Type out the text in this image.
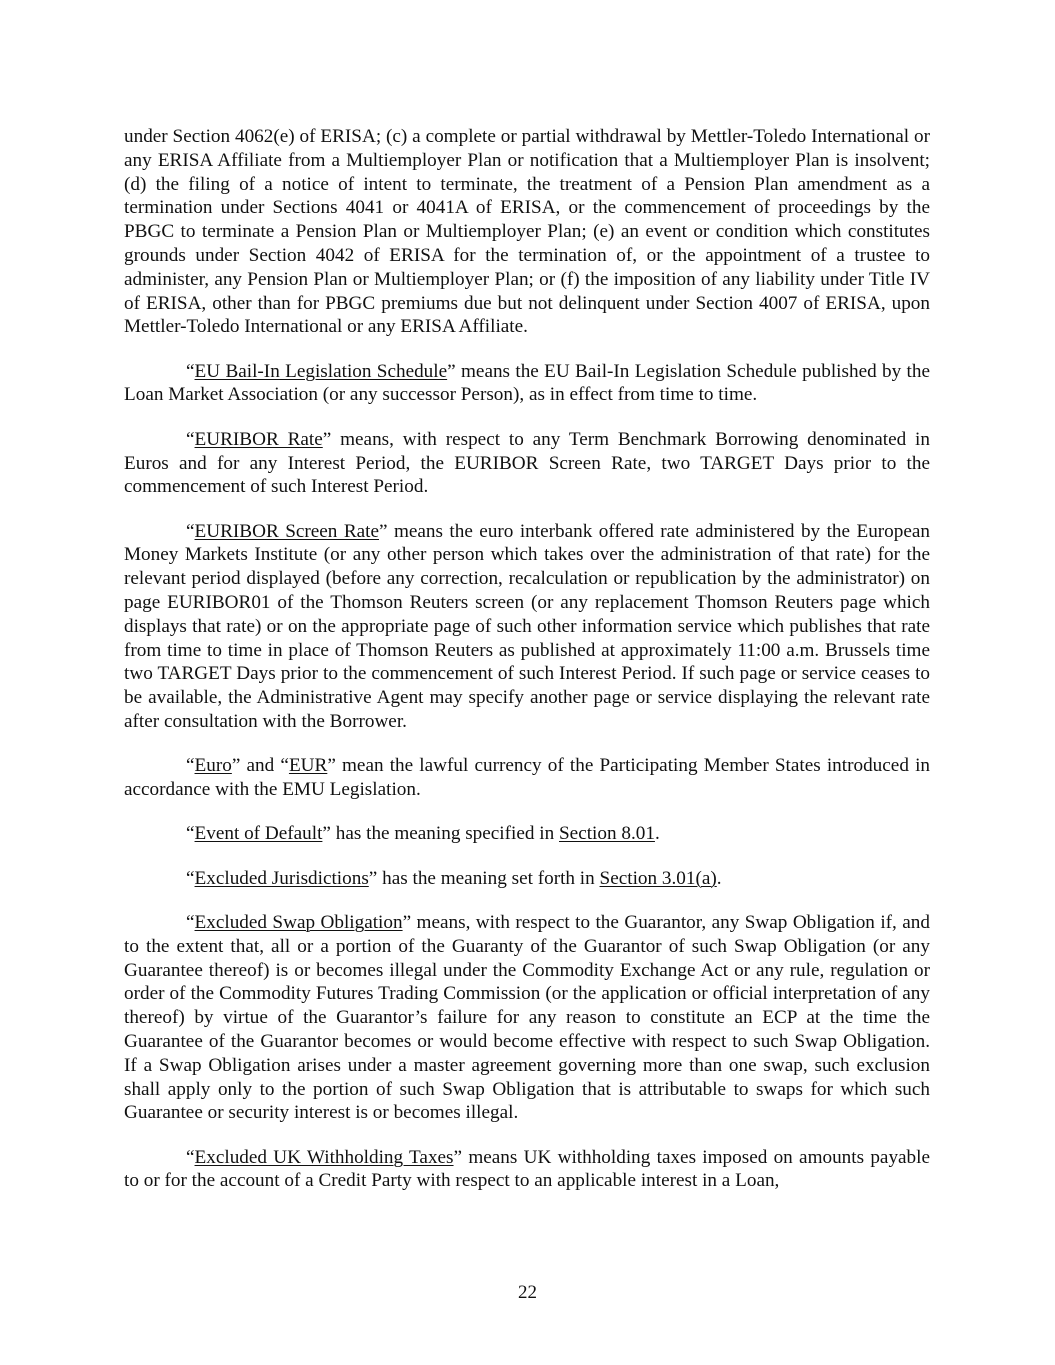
under Section 4062(e) of ERISA; (c) a complete or partial withdrawal by Mettler-Toledo International or any ERISA Affiliate from a Multiemployer Plan or notification that a Multiemployer Plan is insolvent; (d) the filing of a notice of intent to terminate, the treatment of a Pension Plan amendment as a termination under Sections 4041 or 4041A of ERISA, or the commencement of proceedings by the PBGC to terminate a Pension Plan or Multiemployer Plan; (e) an event or condition which constitutes grounds under Section 4042 of ERISA for the termination of, or the appointment of a trustee to administer, any Pension Plan or Multiemployer Plan; or (f) the imposition of any liability under Title IV of ERISA, other than for PBGC premiums due but not delinquent under Section 4007 of ERISA, upon Mettler-Toledo International or any ERISA Affiliate.

“EU Bail-In Legislation Schedule” means the EU Bail-In Legislation Schedule published by the Loan Market Association (or any successor Person), as in effect from time to time.

“EURIBOR Rate” means, with respect to any Term Benchmark Borrowing denominated in Euros and for any Interest Period, the EURIBOR Screen Rate, two TARGET Days prior to the commencement of such Interest Period.

“EURIBOR Screen Rate” means the euro interbank offered rate administered by the European Money Markets Institute (or any other person which takes over the administration of that rate) for the relevant period displayed (before any correction, recalculation or republication by the administrator) on page EURIBOR01 of the Thomson Reuters screen (or any replacement Thomson Reuters page which displays that rate) or on the appropriate page of such other information service which publishes that rate from time to time in place of Thomson Reuters as published at approximately 11:00 a.m. Brussels time two TARGET Days prior to the commencement of such Interest Period. If such page or service ceases to be available, the Administrative Agent may specify another page or service displaying the relevant rate after consultation with the Borrower.

“Euro” and “EUR” mean the lawful currency of the Participating Member States introduced in accordance with the EMU Legislation.

“Event of Default” has the meaning specified in Section 8.01.

“Excluded Jurisdictions” has the meaning set forth in Section 3.01(a).

“Excluded Swap Obligation” means, with respect to the Guarantor, any Swap Obligation if, and to the extent that, all or a portion of the Guaranty of the Guarantor of such Swap Obligation (or any Guarantee thereof) is or becomes illegal under the Commodity Exchange Act or any rule, regulation or order of the Commodity Futures Trading Commission (or the application or official interpretation of any thereof) by virtue of the Guarantor’s failure for any reason to constitute an ECP at the time the Guarantee of the Guarantor becomes or would become effective with respect to such Swap Obligation. If a Swap Obligation arises under a master agreement governing more than one swap, such exclusion shall apply only to the portion of such Swap Obligation that is attributable to swaps for which such Guarantee or security interest is or becomes illegal.

“Excluded UK Withholding Taxes” means UK withholding taxes imposed on amounts payable to or for the account of a Credit Party with respect to an applicable interest in a Loan,

22
